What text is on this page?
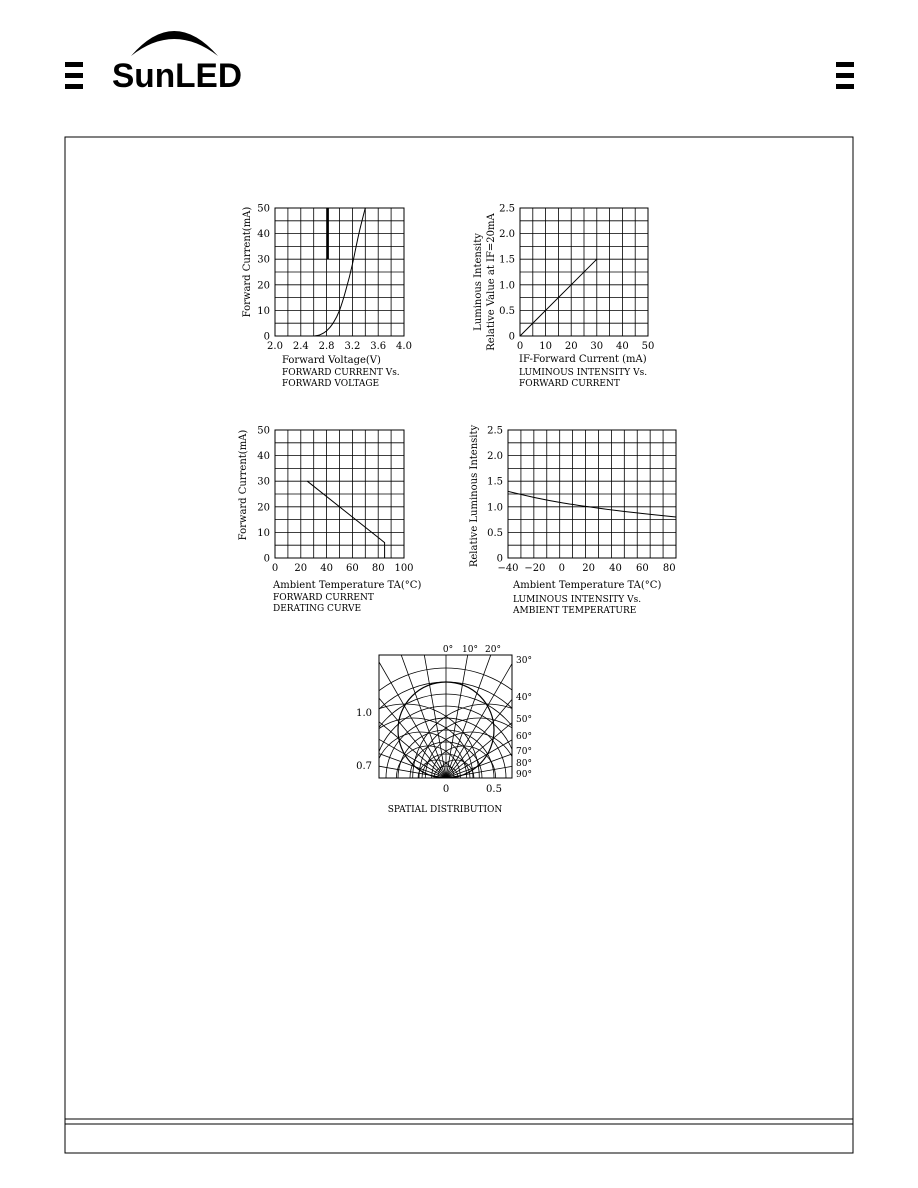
SunLED
50
40
30
20
10
0
2.0 2.4 2.8 3.2 3.6 4.0
Forward Current(mA)
Forward Voltage(V)
FORWARD CURRENT Vs.
FORWARD VOLTAGE
2.5
2.0
1.5
1.0
0.5
0
0 10 20 30 40 50
Luminous Intensity Relative Value at IF=20mA
IF-Forward Current (mA)
LUMINOUS INTENSITY Vs.
FORWARD CURRENT
50
40
30
20
10
0
0 20 40 60 80 100
Forward Current(mA)
Ambient Temperature TA(°C)
FORWARD CURRENT
DERATING CURVE
2.5
2.0
1.5
1.0
0.5
0
−40 −20 0 20 40 60 80
Relative Luminous Intensity
Ambient Temperature TA(°C)
LUMINOUS INTENSITY Vs.
AMBIENT TEMPERATURE
0° 10° 20°
30°
40°
50°
60°
70°
80°
90°
1.0
0.7
0	0.5
SPATIAL DISTRIBUTION
